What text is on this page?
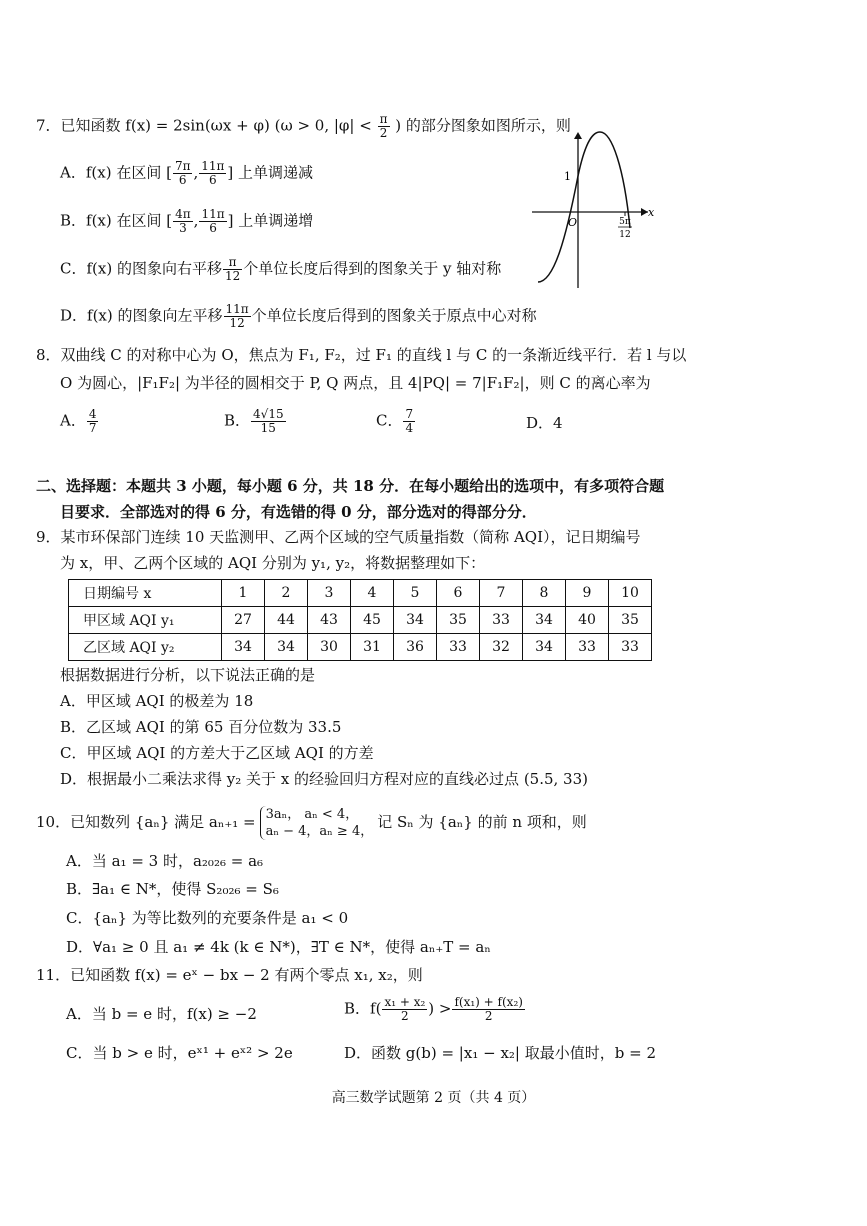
7．已知函数 f(x) = 2sin(ωx + φ) (ω > 0, $|\varphi| < \frac{\pi}{2}$ ) 的部分图象如图所示，则
A．f(x) 在区间 [ $\frac{7\pi}{6}$ , $\frac{11\pi}{6}$ ] 上单调递减
B．f(x) 在区间 [ $\frac{4\pi}{3}$ , $\frac{11\pi}{6}$ ] 上单调递增
C．f(x) 的图象向右平移 $\frac{\pi}{12}$ 个单位长度后得到的图象关于 y 轴对称
D．f(x) 的图象向左平移 $\frac{11\pi}{12}$ 个单位长度后得到的图象关于原点中心对称
1
O
x
5π
12
8．双曲线 C 的对称中心为 O，焦点为 F₁, F₂，过 F₁ 的直线 l 与 C 的一条渐近线平行．若 l 与以
O 为圆心，|F₁F₂| 为半径的圆相交于 P, Q 两点，且 4|PQ| = 7|F₁F₂|，则 C 的离心率为
A． $\frac{4}{7}$	B． $\frac{4√15}{15}$	C． $\frac{7}{4}$	D．4
二、选择题：本题共 3 小题，每小题 6 分，共 18 分．在每小题给出的选项中，有多项符合题
目要求．全部选对的得 6 分，有选错的得 0 分，部分选对的得部分分．
9．某市环保部门连续 10 天监测甲、乙两个区域的空气质量指数（简称 AQI），记日期编号
为 x，甲、乙两个区域的 AQI 分别为 y₁, y₂，将数据整理如下：
日期编号 x	1	2	3	4	5	6	7	8	9	10
甲区域 AQI y₁	27	44	43	45	34	35	33	34	40	35
乙区域 AQI y₂	34	34	30	31	36	33	32	34	33	33
根据数据进行分析，以下说法正确的是
A．甲区域 AQI 的极差为 18
B．乙区域 AQI 的第 65 百分位数为 33.5
C．甲区域 AQI 的方差大于乙区域 AQI 的方差
D．根据最小二乘法求得 y₂ 关于 x 的经验回归方程对应的直线必过点 (5.5, 33)
10．已知数列 {aₙ} 满足 aₙ₊₁ = 3aₙ， aₙ < 4，
aₙ − 4，aₙ ≥ 4，
记 Sₙ 为 {aₙ} 的前 n 项和，则
A．当 a₁ = 3 时，a₂₀₂₆ = a₆
B．∃a₁ ∈ N*，使得 S₂₀₂₆ = S₆
C．{aₙ} 为等比数列的充要条件是 a₁ < 0
D．∀a₁ ≥ 0 且 a₁ ≠ 4k (k ∈ N*)，∃T ∈ N*，使得 aₙ₊T = aₙ
11．已知函数 f(x) = eˣ − bx − 2 有两个零点 x₁, x₂，则
A．当 b = e 时，f(x) ≥ −2	B．$f( \frac{\text{x₁ + x₂}}{2}$ ) > $\frac{\text{f(x₁) + f(x₂)}}{2}$
C．当 b > e 时，eˣ¹ + eˣ² > 2e	D．函数 g(b) = |x₁ − x₂| 取最小值时，b = 2
高三数学试题第 2 页（共 4 页）
